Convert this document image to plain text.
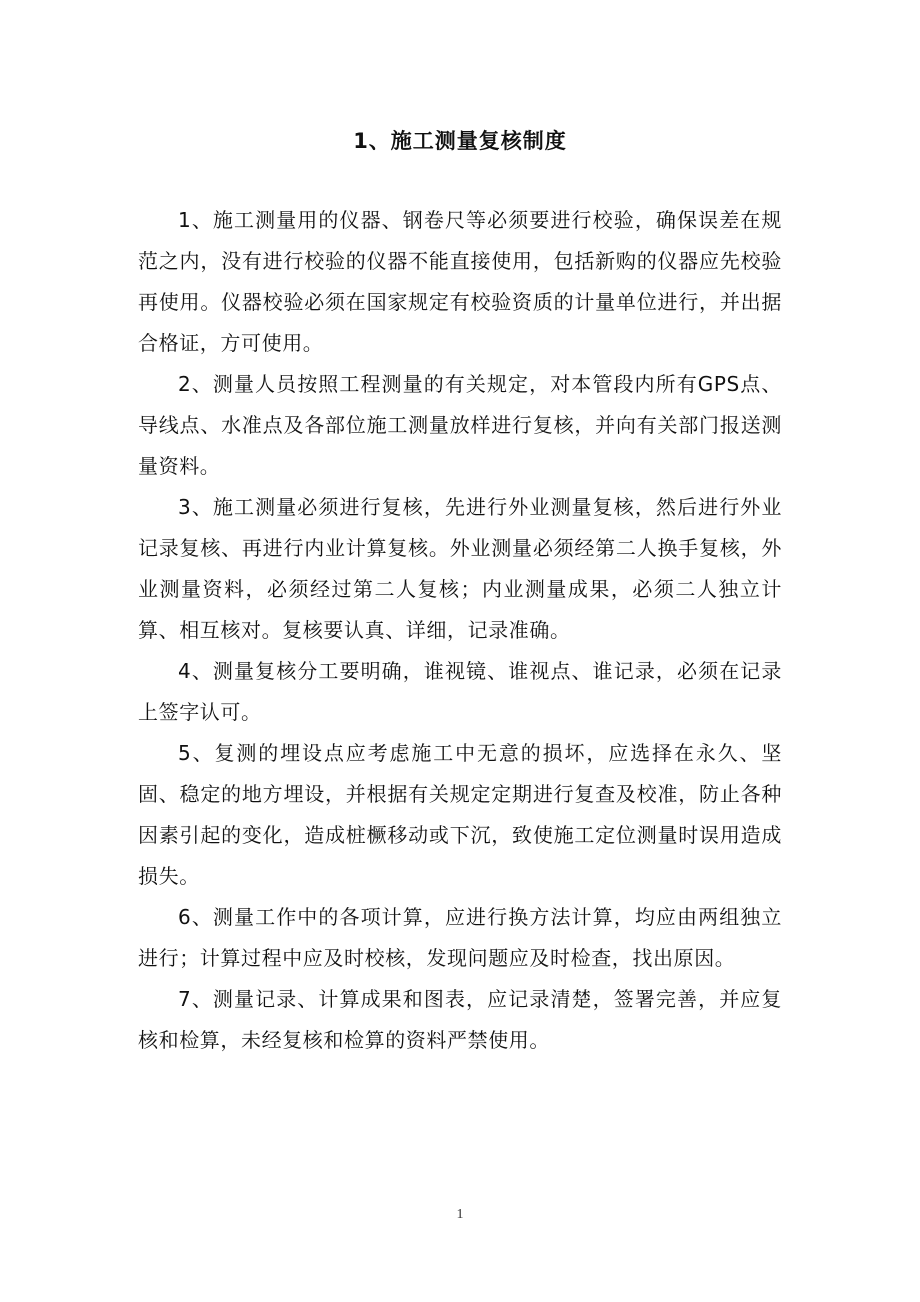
1、施工测量复核制度

1、施工测量用的仪器、钢卷尺等必须要进行校验，确保误差在规范之内，没有进行校验的仪器不能直接使用，包括新购的仪器应先校验再使用。仪器校验必须在国家规定有校验资质的计量单位进行，并出据合格证，方可使用。

2、测量人员按照工程测量的有关规定，对本管段内所有GPS点、导线点、水准点及各部位施工测量放样进行复核，并向有关部门报送测量资料。

3、施工测量必须进行复核，先进行外业测量复核，然后进行外业记录复核、再进行内业计算复核。外业测量必须经第二人换手复核，外业测量资料，必须经过第二人复核；内业测量成果，必须二人独立计算、相互核对。复核要认真、详细，记录准确。

4、测量复核分工要明确，谁视镜、谁视点、谁记录，必须在记录上签字认可。

5、复测的埋设点应考虑施工中无意的损坏，应选择在永久、坚固、稳定的地方埋设，并根据有关规定定期进行复查及校准，防止各种因素引起的变化，造成桩橛移动或下沉，致使施工定位测量时误用造成损失。

6、测量工作中的各项计算，应进行换方法计算，均应由两组独立进行；计算过程中应及时校核，发现问题应及时检查，找出原因。

7、测量记录、计算成果和图表，应记录清楚，签署完善，并应复核和检算，未经复核和检算的资料严禁使用。

1
